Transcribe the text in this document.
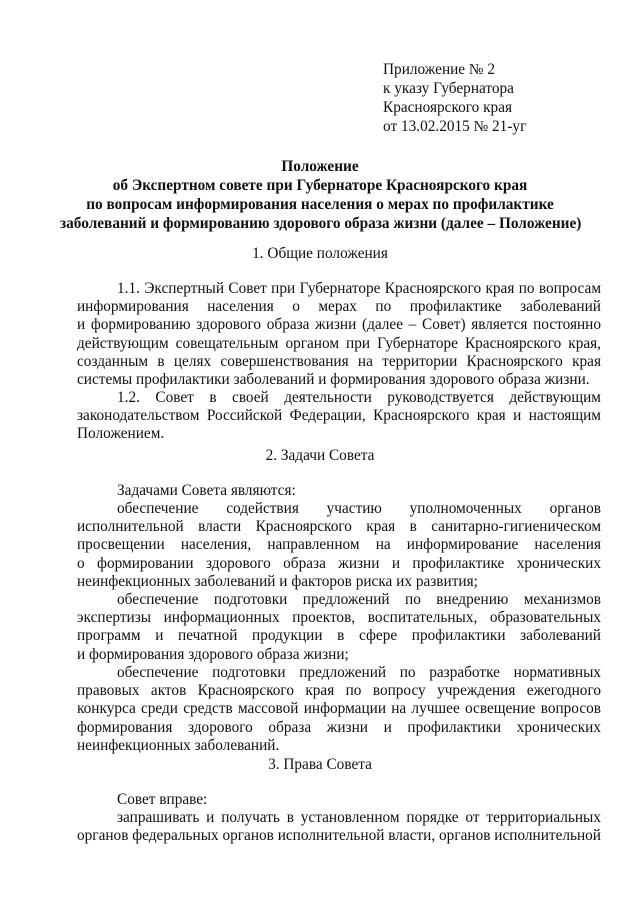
Приложение № 2
к указу Губернатора
Красноярского края
от 13.02.2015 № 21-уг
Положение
об Экспертном совете при Губернаторе Красноярского края
по вопросам информирования населения о мерах по профилактике
заболеваний и формированию здорового образа жизни (далее – Положение)
1. Общие положения
1.1. Экспертный Совет при Губернаторе Красноярского края по вопросам
информирования населения о мерах по профилактике заболеваний
и формированию здорового образа жизни (далее – Совет) является постоянно
действующим совещательным органом при Губернаторе Красноярского края,
созданным в целях совершенствования на территории Красноярского края
системы профилактики заболеваний и формирования здорового образа жизни.
1.2. Совет в своей деятельности руководствуется действующим
законодательством Российской Федерации, Красноярского края и настоящим
Положением.
2. Задачи Совета
Задачами Совета являются:
обеспечение содействия участию уполномоченных органов
исполнительной власти Красноярского края в санитарно-гигиеническом
просвещении населения, направленном на информирование населения
о формировании здорового образа жизни и профилактике хронических
неинфекционных заболеваний и факторов риска их развития;
обеспечение подготовки предложений по внедрению механизмов
экспертизы информационных проектов, воспитательных, образовательных
программ и печатной продукции в сфере профилактики заболеваний
и формирования здорового образа жизни;
обеспечение подготовки предложений по разработке нормативных
правовых актов Красноярского края по вопросу учреждения ежегодного
конкурса среди средств массовой информации на лучшее освещение вопросов
формирования здорового образа жизни и профилактики хронических
неинфекционных заболеваний.
3. Права Совета
Совет вправе:
запрашивать и получать в установленном порядке от территориальных
органов федеральных органов исполнительной власти, органов исполнительной
